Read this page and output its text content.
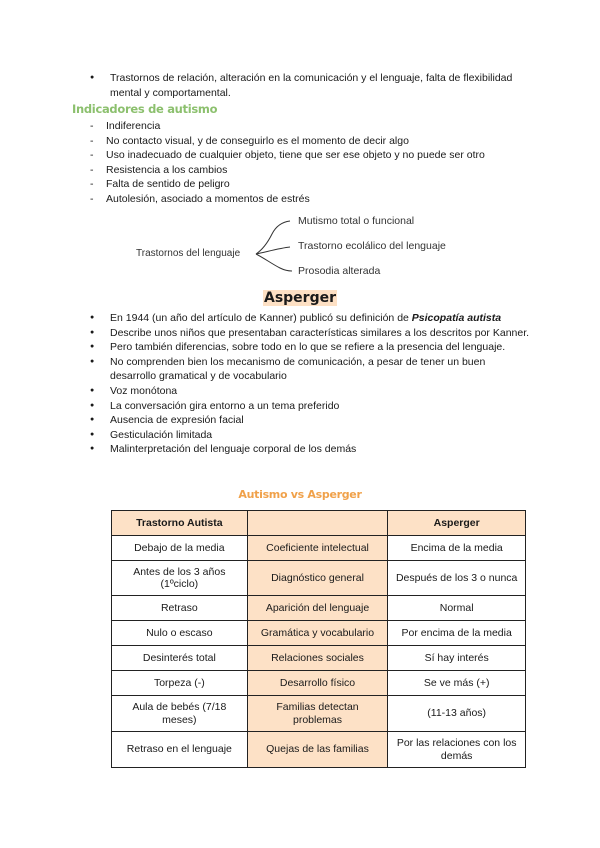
● Trastornos de relación, alteración en la comunicación y el lenguaje, falta de flexibilidad mental y comportamental.
Indicadores de autismo
- Indiferencia
- No contacto visual, y de conseguirlo es el momento de decir algo
- Uso inadecuado de cualquier objeto, tiene que ser ese objeto y no puede ser otro
- Resistencia a los cambios
- Falta de sentido de peligro
- Autolesión, asociado a momentos de estrés
Trastornos del lenguaje
Mutismo total o funcional
Trastorno ecolálico del lenguaje
Prosodia alterada
Asperger
● En 1944 (un año del artículo de Kanner) publicó su definición de Psicopatía autista
● Describe unos niños que presentaban características similares a los descritos por Kanner.
● Pero también diferencias, sobre todo en lo que se refiere a la presencia del lenguaje.
● No comprenden bien los mecanismo de comunicación, a pesar de tener un buen desarrollo gramatical y de vocabulario
● Voz monótona
● La conversación gira entorno a un tema preferido
● Ausencia de expresión facial
● Gesticulación limitada
● Malinterpretación del lenguaje corporal de los demás
Autismo vs Asperger
Trastorno Autista		Asperger
Debajo de la media	Coeficiente intelectual	Encima de la media
Antes de los 3 años (1ºciclo)	Diagnóstico general	Después de los 3 o nunca
Retraso	Aparición del lenguaje	Normal
Nulo o escaso	Gramática y vocabulario	Por encima de la media
Desinterés total	Relaciones sociales	Sí hay interés
Torpeza (-)	Desarrollo físico	Se ve más (+)
Aula de bebés (7/18 meses)	Familias detectan problemas	(11-13 años)
Retraso en el lenguaje	Quejas de las familias	Por las relaciones con los demás
